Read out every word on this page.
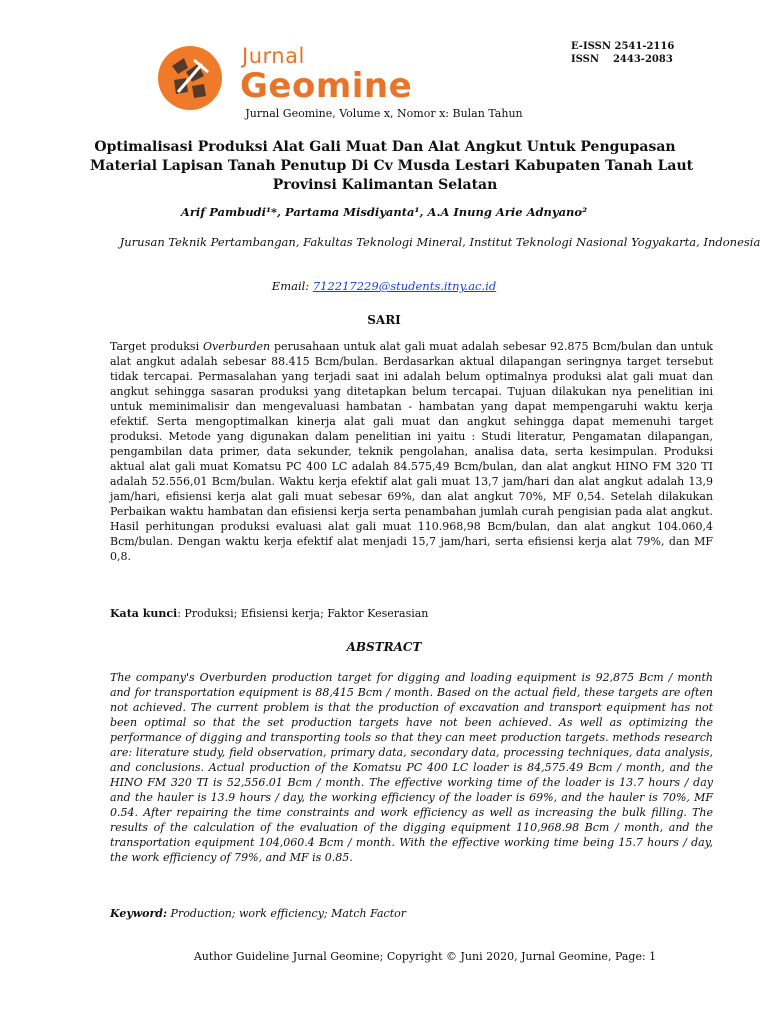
Jurnal
Geomine
E-ISSN 2541-2116
ISSN    2443-2083
Jurnal Geomine, Volume x, Nomor x: Bulan Tahun
Optimalisasi Produksi Alat Gali Muat Dan Alat Angkut Untuk Pengupasan
Material Lapisan Tanah Penutup Di Cv Musda Lestari Kabupaten Tanah Laut
Provinsi Kalimantan Selatan
Arif Pambudi¹*, Partama Misdiyanta¹, A.A Inung Arie Adnyano²
Jurusan Teknik Pertambangan, Fakultas Teknologi Mineral, Institut Teknologi Nasional Yogyakarta, Indonesia
Email: 712217229@students.itny.ac.id
SARI
Target produksi Overburden perusahaan untuk alat gali muat adalah sebesar 92.875 Bcm/bulan dan untuk alat angkut adalah sebesar 88.415 Bcm/bulan. Berdasarkan aktual dilapangan seringnya target tersebut tidak tercapai. Permasalahan yang terjadi saat ini adalah belum optimalnya produksi alat gali muat dan angkut sehingga sasaran produksi yang ditetapkan belum tercapai. Tujuan dilakukan nya penelitian ini untuk meminimalisir dan mengevaluasi hambatan - hambatan yang dapat mempengaruhi waktu kerja efektif. Serta mengoptimalkan kinerja alat gali muat dan angkut sehingga dapat memenuhi target produksi. Metode yang digunakan dalam penelitian ini yaitu : Studi literatur, Pengamatan dilapangan, pengambilan data primer, data sekunder, teknik pengolahan, analisa data, serta kesimpulan. Produksi aktual alat gali muat Komatsu PC 400 LC adalah 84.575,49 Bcm/bulan, dan alat angkut HINO FM 320 TI adalah 52.556,01 Bcm/bulan. Waktu kerja efektif alat gali muat 13,7 jam/hari dan alat angkut adalah 13,9 jam/hari, efisiensi kerja alat gali muat sebesar 69%, dan alat angkut 70%, MF 0,54. Setelah dilakukan Perbaikan waktu hambatan dan efisiensi kerja serta penambahan jumlah curah pengisian pada alat angkut. Hasil perhitungan produksi evaluasi alat gali muat 110.968,98 Bcm/bulan, dan alat angkut 104.060,4 Bcm/bulan. Dengan waktu kerja efektif alat menjadi 15,7 jam/hari, serta efisiensi kerja alat 79%, dan MF 0,8.
Kata kunci: Produksi; Efisiensi kerja; Faktor Keserasian
ABSTRACT
The company's Overburden production target for digging and loading equipment is 92,875 Bcm / month and for transportation equipment is 88,415 Bcm / month. Based on the actual field, these targets are often not achieved. The current problem is that the production of excavation and transport equipment has not been optimal so that the set production targets have not been achieved. As well as optimizing the performance of digging and transporting tools so that they can meet production targets. methods research are: literature study, field observation, primary data, secondary data, processing techniques, data analysis, and conclusions. Actual production of the Komatsu PC 400 LC loader is 84,575.49 Bcm / month, and the HINO FM 320 TI is 52,556.01 Bcm / month. The effective working time of the loader is 13.7 hours / day and the hauler is 13.9 hours / day, the working efficiency of the loader is 69%, and the hauler is 70%, MF 0.54. After repairing the time constraints and work efficiency as well as increasing the bulk filling. The results of the calculation of the evaluation of the digging equipment 110,968.98 Bcm / month, and the transportation equipment 104,060.4 Bcm / month. With the effective working time being 15.7 hours / day, the work efficiency of 79%, and MF is 0.85.
Keyword: Production; work efficiency; Match Factor
Author Guideline Jurnal Geomine; Copyright © Juni 2020, Jurnal Geomine, Page: 1
